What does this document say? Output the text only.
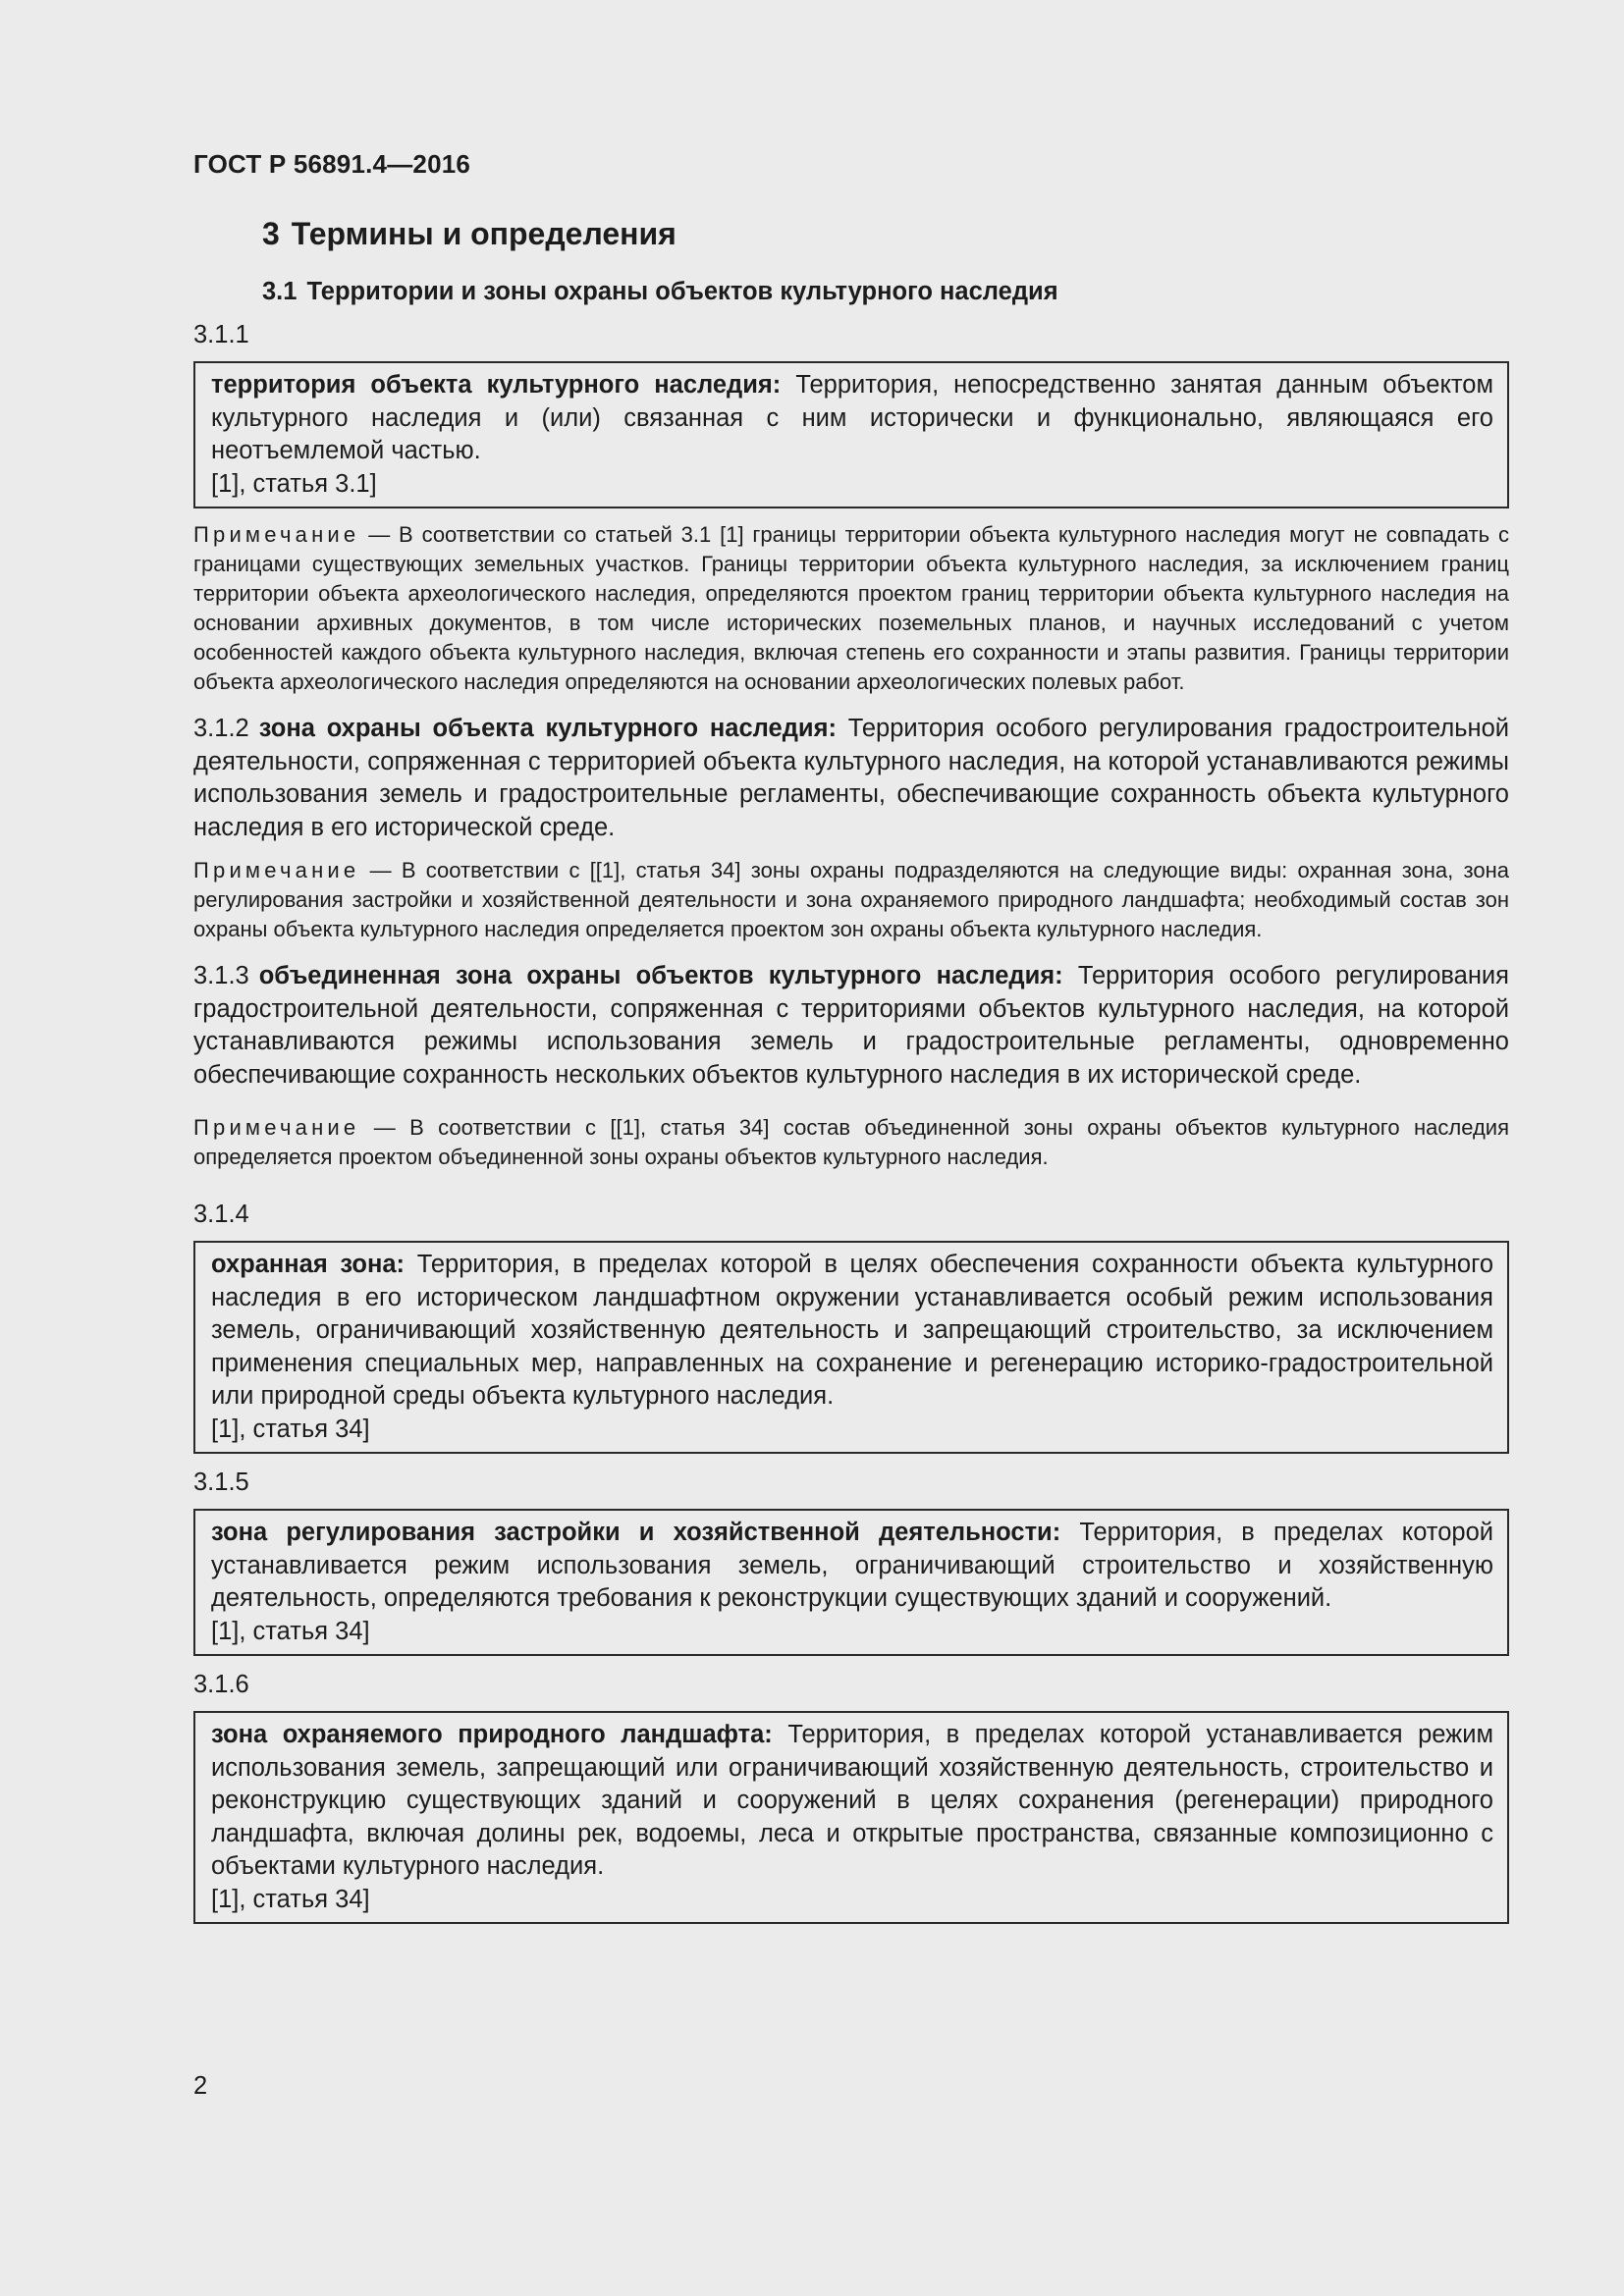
ГОСТ Р 56891.4—2016
3 Термины и определения
3.1 Территории и зоны охраны объектов культурного наследия
3.1.1
территория объекта культурного наследия: Территория, непосредственно занятая данным объектом культурного наследия и (или) связанная с ним исторически и функционально, являющаяся его неотъемлемой частью.
[1], статья 3.1]
Примечание — В соответствии со статьей 3.1 [1] границы территории объекта культурного наследия могут не совпадать с границами существующих земельных участков. Границы территории объекта культурного наследия, за исключением границ территории объекта археологического наследия, определяются проектом границ территории объекта культурного наследия на основании архивных документов, в том числе исторических поземельных планов, и научных исследований с учетом особенностей каждого объекта культурного наследия, включая степень его сохранности и этапы развития. Границы территории объекта археологического наследия определяются на основании археологических полевых работ.
3.1.2 зона охраны объекта культурного наследия: Территория особого регулирования градостроительной деятельности, сопряженная с территорией объекта культурного наследия, на которой устанавливаются режимы использования земель и градостроительные регламенты, обеспечивающие сохранность объекта культурного наследия в его исторической среде.
Примечание — В соответствии с [[1], статья 34] зоны охраны подразделяются на следующие виды: охранная зона, зона регулирования застройки и хозяйственной деятельности и зона охраняемого природного ландшафта; необходимый состав зон охраны объекта культурного наследия определяется проектом зон охраны объекта культурного наследия.
3.1.3 объединенная зона охраны объектов культурного наследия: Территория особого регулирования градостроительной деятельности, сопряженная с территориями объектов культурного наследия, на которой устанавливаются режимы использования земель и градостроительные регламенты, одновременно обеспечивающие сохранность нескольких объектов культурного наследия в их исторической среде.
Примечание — В соответствии с [[1], статья 34] состав объединенной зоны охраны объектов культурного наследия определяется проектом объединенной зоны охраны объектов культурного наследия.
3.1.4
охранная зона: Территория, в пределах которой в целях обеспечения сохранности объекта культурного наследия в его историческом ландшафтном окружении устанавливается особый режим использования земель, ограничивающий хозяйственную деятельность и запрещающий строительство, за исключением применения специальных мер, направленных на сохранение и регенерацию историко-градостроительной или природной среды объекта культурного наследия.
[1], статья 34]
3.1.5
зона регулирования застройки и хозяйственной деятельности: Территория, в пределах которой устанавливается режим использования земель, ограничивающий строительство и хозяйственную деятельность, определяются требования к реконструкции существующих зданий и сооружений.
[1], статья 34]
3.1.6
зона охраняемого природного ландшафта: Территория, в пределах которой устанавливается режим использования земель, запрещающий или ограничивающий хозяйственную деятельность, строительство и реконструкцию существующих зданий и сооружений в целях сохранения (регенерации) природного ландшафта, включая долины рек, водоемы, леса и открытые пространства, связанные композиционно с объектами культурного наследия.
[1], статья 34]
2
